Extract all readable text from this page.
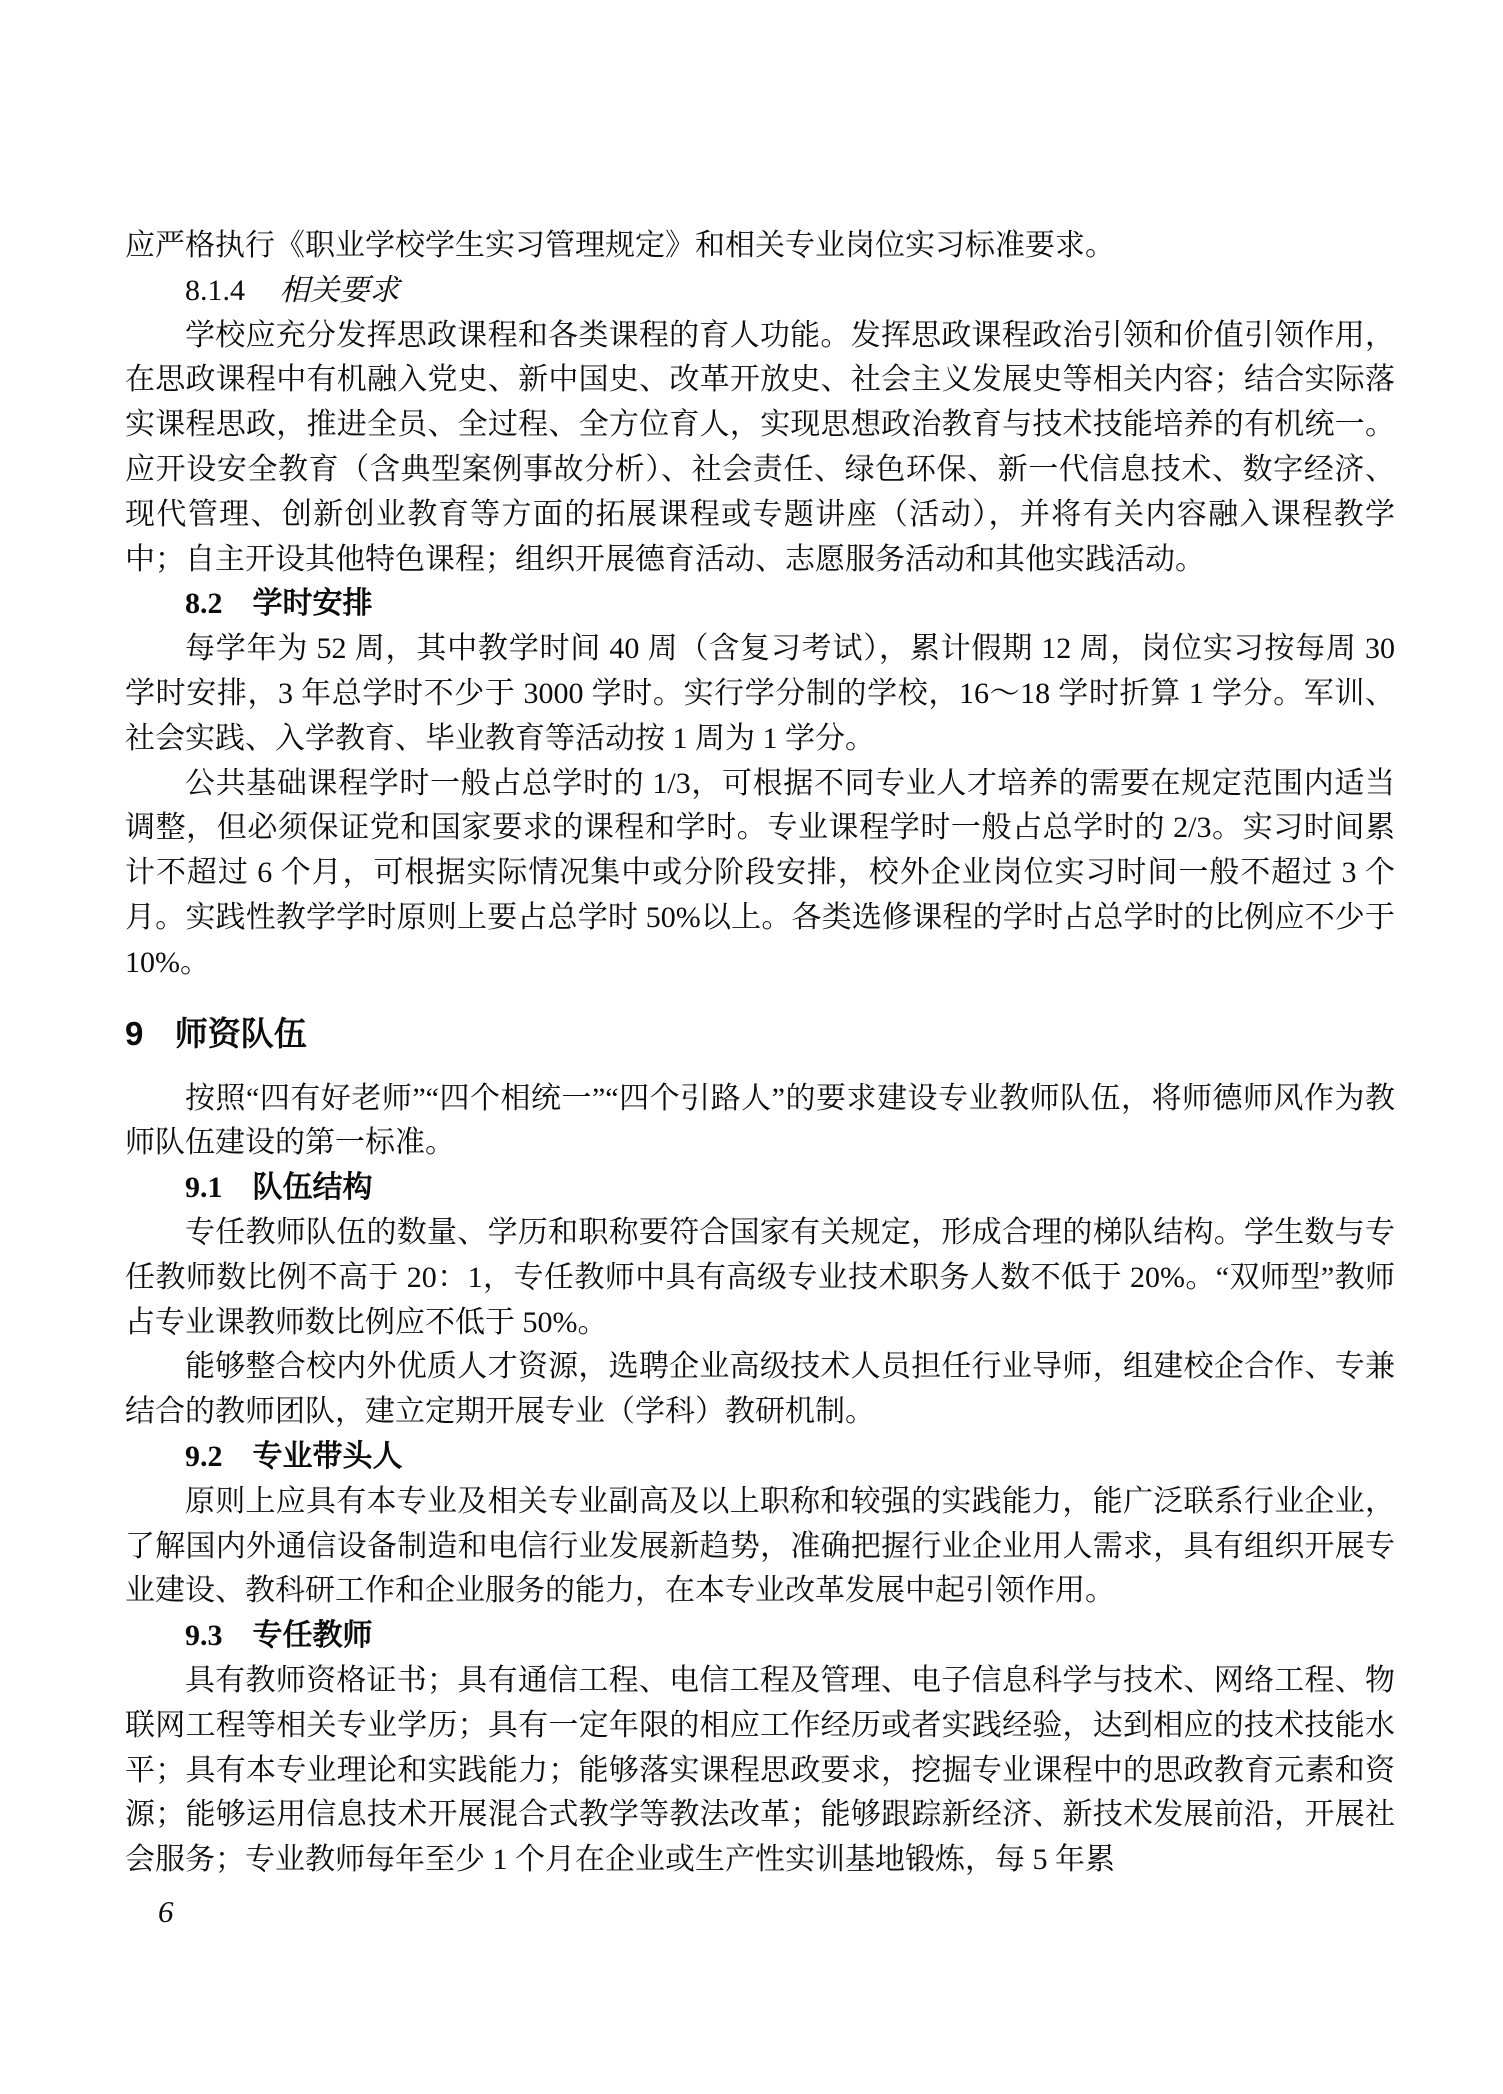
应严格执行《职业学校学生实习管理规定》和相关专业岗位实习标准要求。

8.1.4 相关要求

学校应充分发挥思政课程和各类课程的育人功能。发挥思政课程政治引领和价值引领作用，在思政课程中有机融入党史、新中国史、改革开放史、社会主义发展史等相关内容；结合实际落实课程思政，推进全员、全过程、全方位育人，实现思想政治教育与技术技能培养的有机统一。应开设安全教育（含典型案例事故分析）、社会责任、绿色环保、新一代信息技术、数字经济、现代管理、创新创业教育等方面的拓展课程或专题讲座（活动），并将有关内容融入课程教学中；自主开设其他特色课程；组织开展德育活动、志愿服务活动和其他实践活动。

8.2 学时安排

每学年为 52 周，其中教学时间 40 周（含复习考试），累计假期 12 周，岗位实习按每周 30 学时安排，3 年总学时不少于 3000 学时。实行学分制的学校，16～18 学时折算 1 学分。军训、社会实践、入学教育、毕业教育等活动按 1 周为 1 学分。

公共基础课程学时一般占总学时的 1/3，可根据不同专业人才培养的需要在规定范围内适当调整，但必须保证党和国家要求的课程和学时。专业课程学时一般占总学时的 2/3。实习时间累计不超过 6 个月，可根据实际情况集中或分阶段安排，校外企业岗位实习时间一般不超过 3 个月。实践性教学学时原则上要占总学时 50%以上。各类选修课程的学时占总学时的比例应不少于 10%。

9 师资队伍

按照“四有好老师”“四个相统一”“四个引路人”的要求建设专业教师队伍，将师德师风作为教师队伍建设的第一标准。

9.1 队伍结构

专任教师队伍的数量、学历和职称要符合国家有关规定，形成合理的梯队结构。学生数与专任教师数比例不高于 20：1，专任教师中具有高级专业技术职务人数不低于 20%。“双师型”教师占专业课教师数比例应不低于 50%。

能够整合校内外优质人才资源，选聘企业高级技术人员担任行业导师，组建校企合作、专兼结合的教师团队，建立定期开展专业（学科）教研机制。

9.2 专业带头人

原则上应具有本专业及相关专业副高及以上职称和较强的实践能力，能广泛联系行业企业，了解国内外通信设备制造和电信行业发展新趋势，准确把握行业企业用人需求，具有组织开展专业建设、教科研工作和企业服务的能力，在本专业改革发展中起引领作用。

9.3 专任教师

具有教师资格证书；具有通信工程、电信工程及管理、电子信息科学与技术、网络工程、物联网工程等相关专业学历；具有一定年限的相应工作经历或者实践经验，达到相应的技术技能水平；具有本专业理论和实践能力；能够落实课程思政要求，挖掘专业课程中的思政教育元素和资源；能够运用信息技术开展混合式教学等教法改革；能够跟踪新经济、新技术发展前沿，开展社会服务；专业教师每年至少 1 个月在企业或生产性实训基地锻炼，每 5 年累

6
